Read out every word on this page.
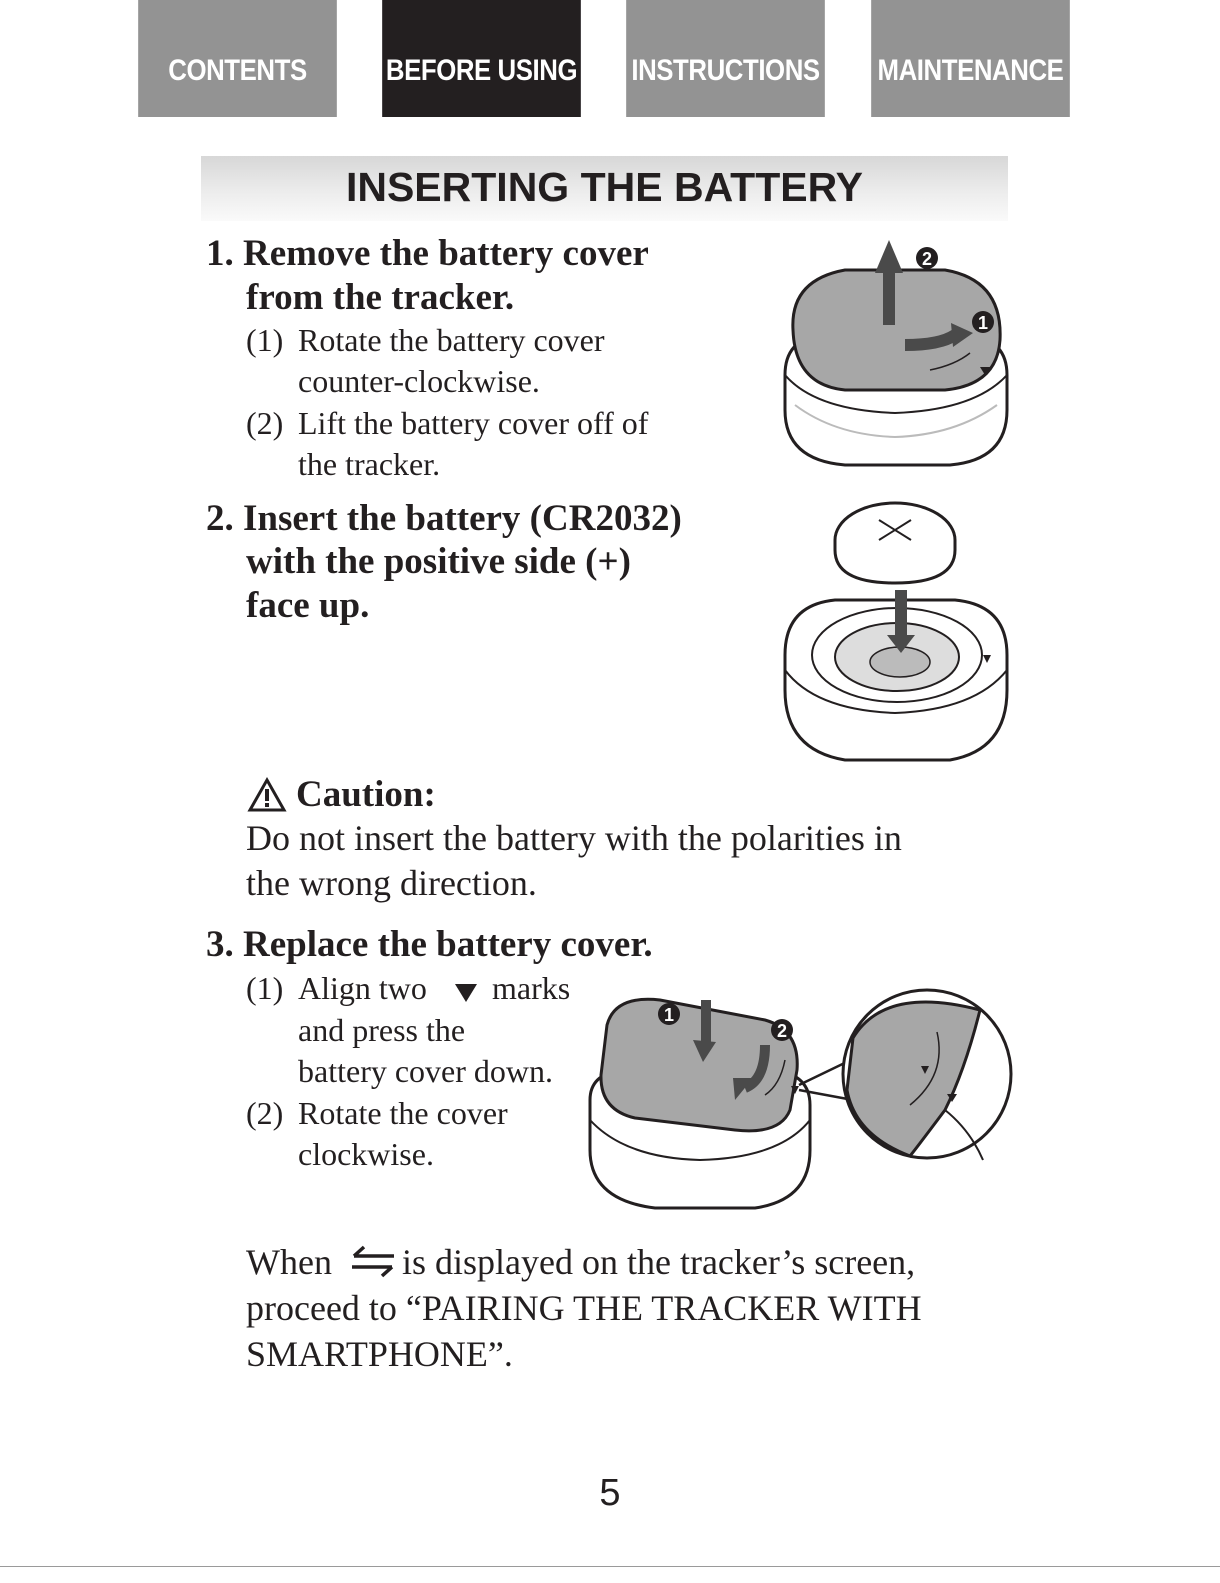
CONTENTS	BEFORE USING INSTRUCTIONS MAINTENANCE
INSERTING THE BATTERY
1. Remove the battery cover
from the tracker.
(1) Rotate the battery cover
counter-clockwise.
(2) Lift the battery cover off of
the tracker.
2
1
2. Insert the battery (CR2032)
with the positive side (+)
face up.
Caution:
Do not insert the battery with the polarities in
the wrong direction.
3. Replace the battery cover.
(1) Align two marks
and press the
battery cover down.
(2) Rotate the cover
clockwise.
1
2
When is displayed on the tracker’s screen,
proceed to “PAIRING THE TRACKER WITH
SMARTPHONE”.
5
